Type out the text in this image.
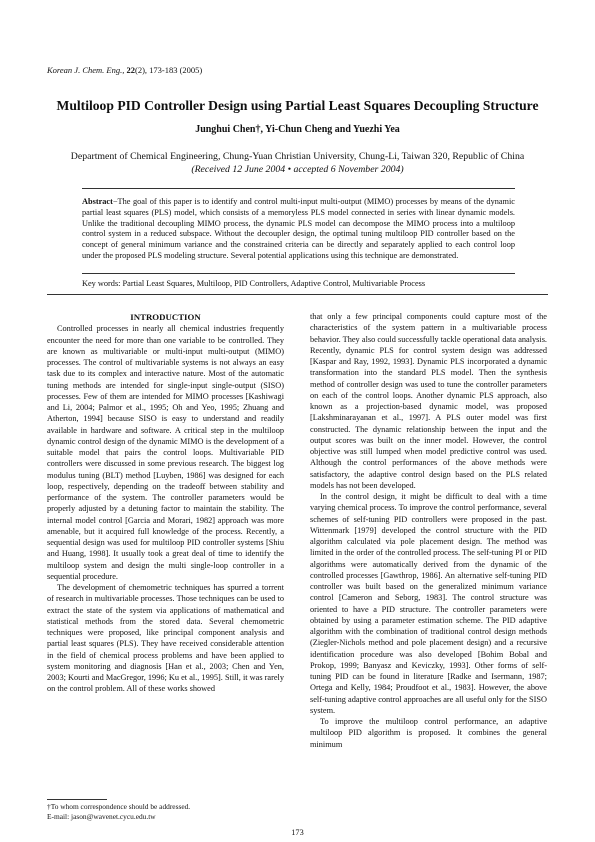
Korean J. Chem. Eng., 22(2), 173-183 (2005)
Multiloop PID Controller Design using Partial Least Squares Decoupling Structure
Junghui Chen†, Yi-Chun Cheng and Yuezhi Yea
Department of Chemical Engineering, Chung-Yuan Christian University, Chung-Li, Taiwan 320, Republic of China
(Received 12 June 2004 • accepted 6 November 2004)
Abstract−The goal of this paper is to identify and control multi-input multi-output (MIMO) processes by means of the dynamic partial least squares (PLS) model, which consists of a memoryless PLS model connected in series with linear dynamic models. Unlike the traditional decoupling MIMO process, the dynamic PLS model can decompose the MIMO process into a multiloop control system in a reduced subspace. Without the decoupler design, the optimal tuning multiloop PID controller based on the concept of general minimum variance and the constrained criteria can be directly and separately applied to each control loop under the proposed PLS modeling structure. Several potential applications using this technique are demonstrated.
Key words: Partial Least Squares, Multiloop, PID Controllers, Adaptive Control, Multivariable Process

INTRODUCTION

Controlled processes in nearly all chemical industries frequently encounter the need for more than one variable to be controlled. They are known as multivariable or multi-input multi-output (MIMO) processes. The control of multivariable systems is not always an easy task due to its complex and interactive nature. Most of the automatic tuning methods are intended for single-input single-output (SISO) processes. Few of them are intended for MIMO processes [Kashiwagi and Li, 2004; Palmor et al., 1995; Oh and Yeo, 1995; Zhuang and Atherton, 1994] because SISO is easy to understand and readily available in hardware and software. A critical step in the multiloop dynamic control design of the dynamic MIMO is the development of a suitable model that pairs the control loops. Multivariable PID controllers were discussed in some previous research. The biggest log modulus tuning (BLT) method [Luyben, 1986] was designed for each loop, respectively, depending on the tradeoff between stability and performance of the system. The controller parameters would be properly adjusted by a detuning factor to maintain the stability. The internal model control [Garcia and Morari, 1982] approach was more amenable, but it acquired full knowledge of the process. Recently, a sequential design was used for multiloop PID controller systems [Shiu and Huang, 1998]. It usually took a great deal of time to identify the multiloop system and design the multi single-loop controller in a sequential procedure.

The development of chemometric techniques has spurred a torrent of research in multivariable processes. Those techniques can be used to extract the state of the system via applications of mathematical and statistical methods from the stored data. Several chemometric techniques were proposed, like principal component analysis and partial least squares (PLS). They have received considerable attention in the field of chemical process problems and have been applied to system monitoring and diagnosis [Han et al., 2003; Chen and Yen, 2003; Kourti and MacGregor, 1996; Ku et al., 1995]. Still, it was rarely on the control problem. All of these works showed

that only a few principal components could capture most of the characteristics of the system pattern in a multivariable process behavior. They also could successfully tackle operational data analysis. Recently, dynamic PLS for control system design was addressed [Kaspar and Ray, 1992, 1993]. Dynamic PLS incorporated a dynamic transformation into the standard PLS model. Then the synthesis method of controller design was used to tune the controller parameters on each of the control loops. Another dynamic PLS approach, also known as a projection-based dynamic model, was proposed [Lakshminarayanan et al., 1997]. A PLS outer model was first constructed. The dynamic relationship between the input and the output scores was built on the inner model. However, the control objective was still lumped when model predictive control was used. Although the control performances of the above methods were satisfactory, the adaptive control design based on the PLS related models has not been developed.

In the control design, it might be difficult to deal with a time varying chemical process. To improve the control performance, several schemes of self-tuning PID controllers were proposed in the past. Wittenmark [1979] developed the control structure with the PID algorithm calculated via pole placement design. The method was limited in the order of the controlled process. The self-tuning PI or PID algorithms were automatically derived from the dynamic of the controlled processes [Gawthrop, 1986]. An alternative self-tuning PID controller was built based on the generalized minimum variance control [Cameron and Seborg, 1983]. The control structure was oriented to have a PID structure. The controller parameters were obtained by using a parameter estimation scheme. The PID adaptive algorithm with the combination of traditional control design methods (Ziegler-Nichols method and pole placement design) and a recursive identification procedure was also developed [Bohim Bobal and Prokop, 1999; Banyasz and Keviczky, 1993]. Other forms of self-tuning PID can be found in literature [Radke and Isermann, 1987; Ortega and Kelly, 1984; Proudfoot et al., 1983]. However, the above self-tuning adaptive control approaches are all useful only for the SISO system.

To improve the multiloop control performance, an adaptive multiloop PID algorithm is proposed. It combines the general minimum

†To whom correspondence should be addressed.
E-mail: jason@wavenet.cycu.edu.tw
173
